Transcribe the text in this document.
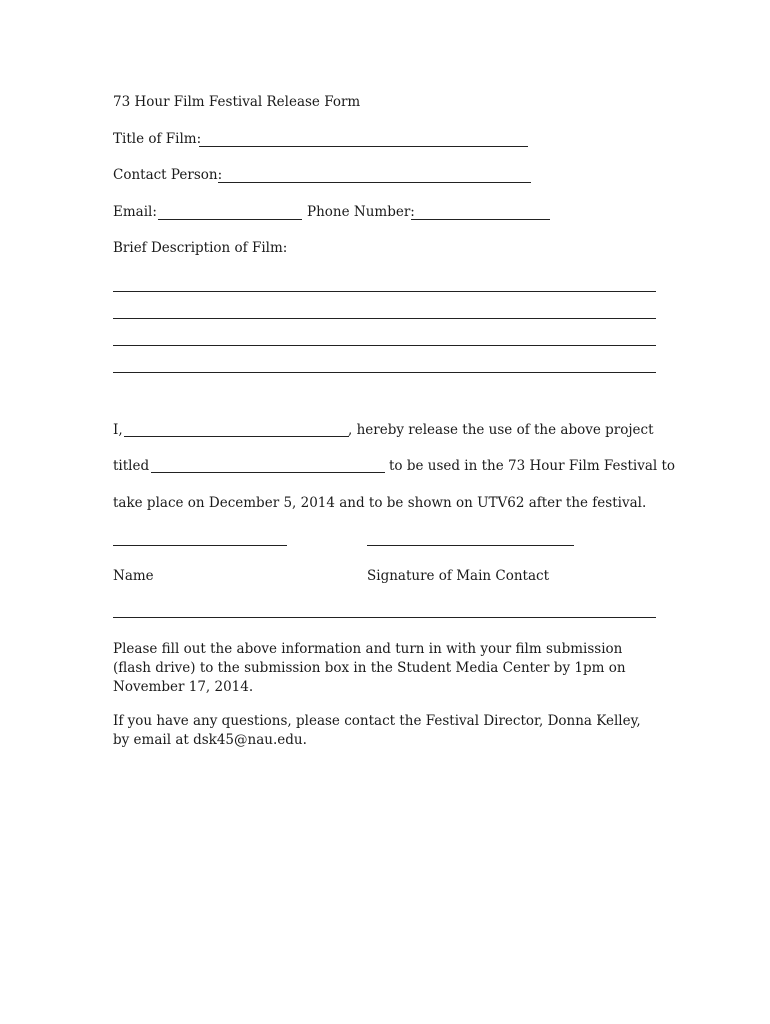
73 Hour Film Festival Release Form
Title of Film:
Contact Person:
Email:	Phone Number:
Brief Description of Film:
I,	, hereby release the use of the above project
titled	to be used in the 73 Hour Film Festival to
take place on December 5, 2014 and to be shown on UTV62 after the festival.
Name	Signature of Main Contact
Please fill out the above information and turn in with your film submission (flash drive) to the submission box in the Student Media Center by 1pm on November 17, 2014.
If you have any questions, please contact the Festival Director, Donna Kelley, by email at dsk45@nau.edu.
